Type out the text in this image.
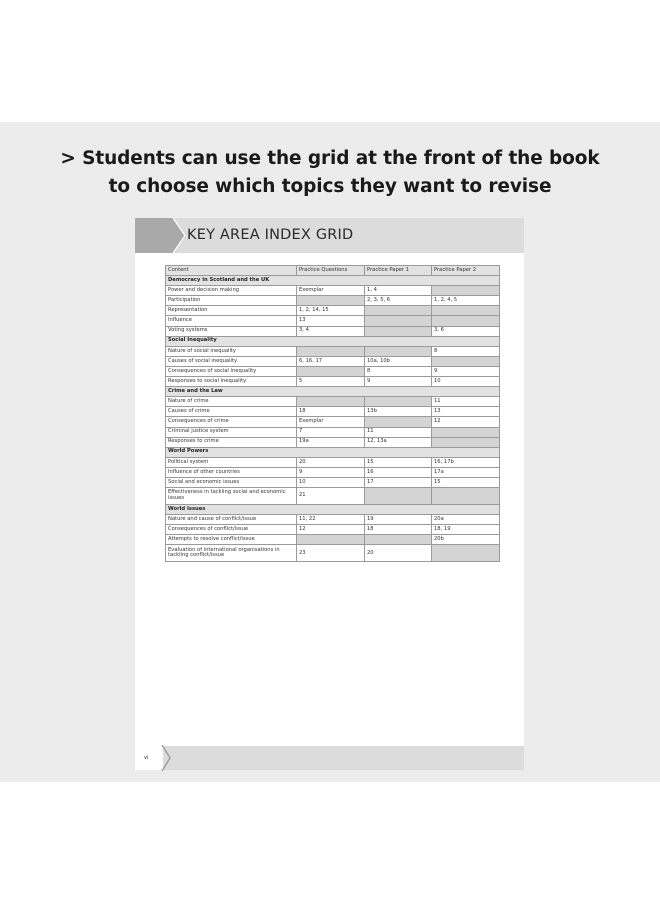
> Students can use the grid at the front of the book
to choose which topics they want to revise
KEY AREA INDEX GRID
Content	Practice Questions	Practice Paper 1	Practice Paper 2
Democracy in Scotland and the UK			
Power and decision making	Exemplar	1, 4	
Participation		2, 3, 5, 6	1, 2, 4, 5
Representation	1, 2, 14, 15		
Influence	13		
Voting systems	3, 4		3, 6
Social Inequality			
Nature of social inequality			8
Causes of social inequality	6, 16, 17	10a, 10b	
Consequences of social inequality		8	9
Responses to social inequality	5	9	10
Crime and the Law			
Nature of crime			11
Causes of crime	18	13b	13
Consequences of crime	Exemplar		12
Criminal justice system	7	11	
Responses to crime	19a	12, 13a	
World Powers			
Political system	20	15	16, 17b
Influence of other countries	9	16	17a
Social and economic issues	10	17	15
Effectiveness in tackling social and economic issues	21		
World Issues			
Nature and cause of conflict/issue	11, 22	19	20a
Consequences of conflict/issue	12	18	18, 19
Attempts to resolve conflict/issue			20b
Evaluation of international organisations in tackling conflict/issue	23	20	
vi
